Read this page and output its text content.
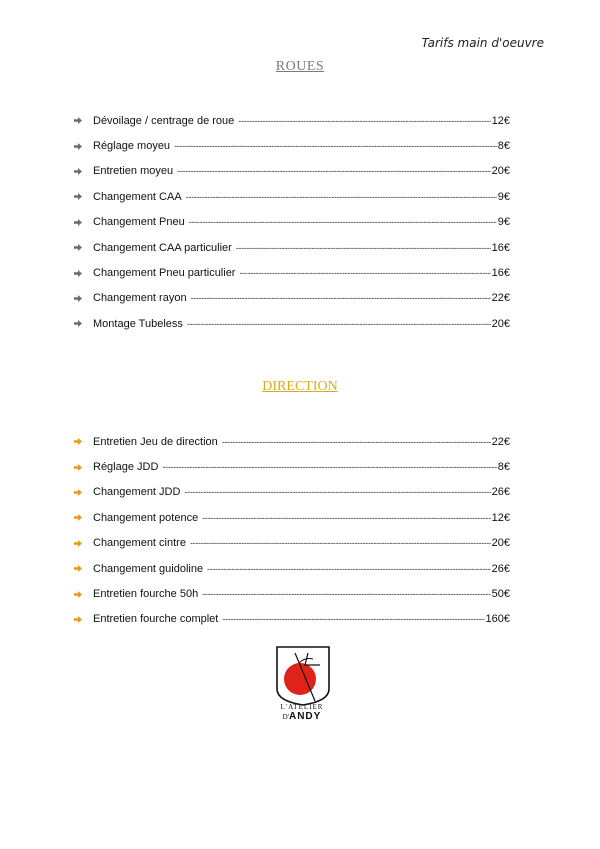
Tarifs main d'oeuvre
ROUES
Dévoilage / centrage de roue -----	12€
Réglage moyeu -----	8€
Entretien moyeu -----	20€
Changement CAA -----	9€
Changement Pneu -----	9€
Changement CAA particulier -----	16€
Changement Pneu particulier -----	16€
Changement rayon -----	22€
Montage Tubeless -----	20€
DIRECTION
Entretien Jeu de direction -----	22€
Réglage JDD -----	8€
Changement JDD -----	26€
Changement potence -----	12€
Changement cintre -----	20€
Changement guidoline -----	26€
Entretien fourche 50h -----	50€
Entretien fourche complet -----	160€
L'ATELIER
D'ANDY
